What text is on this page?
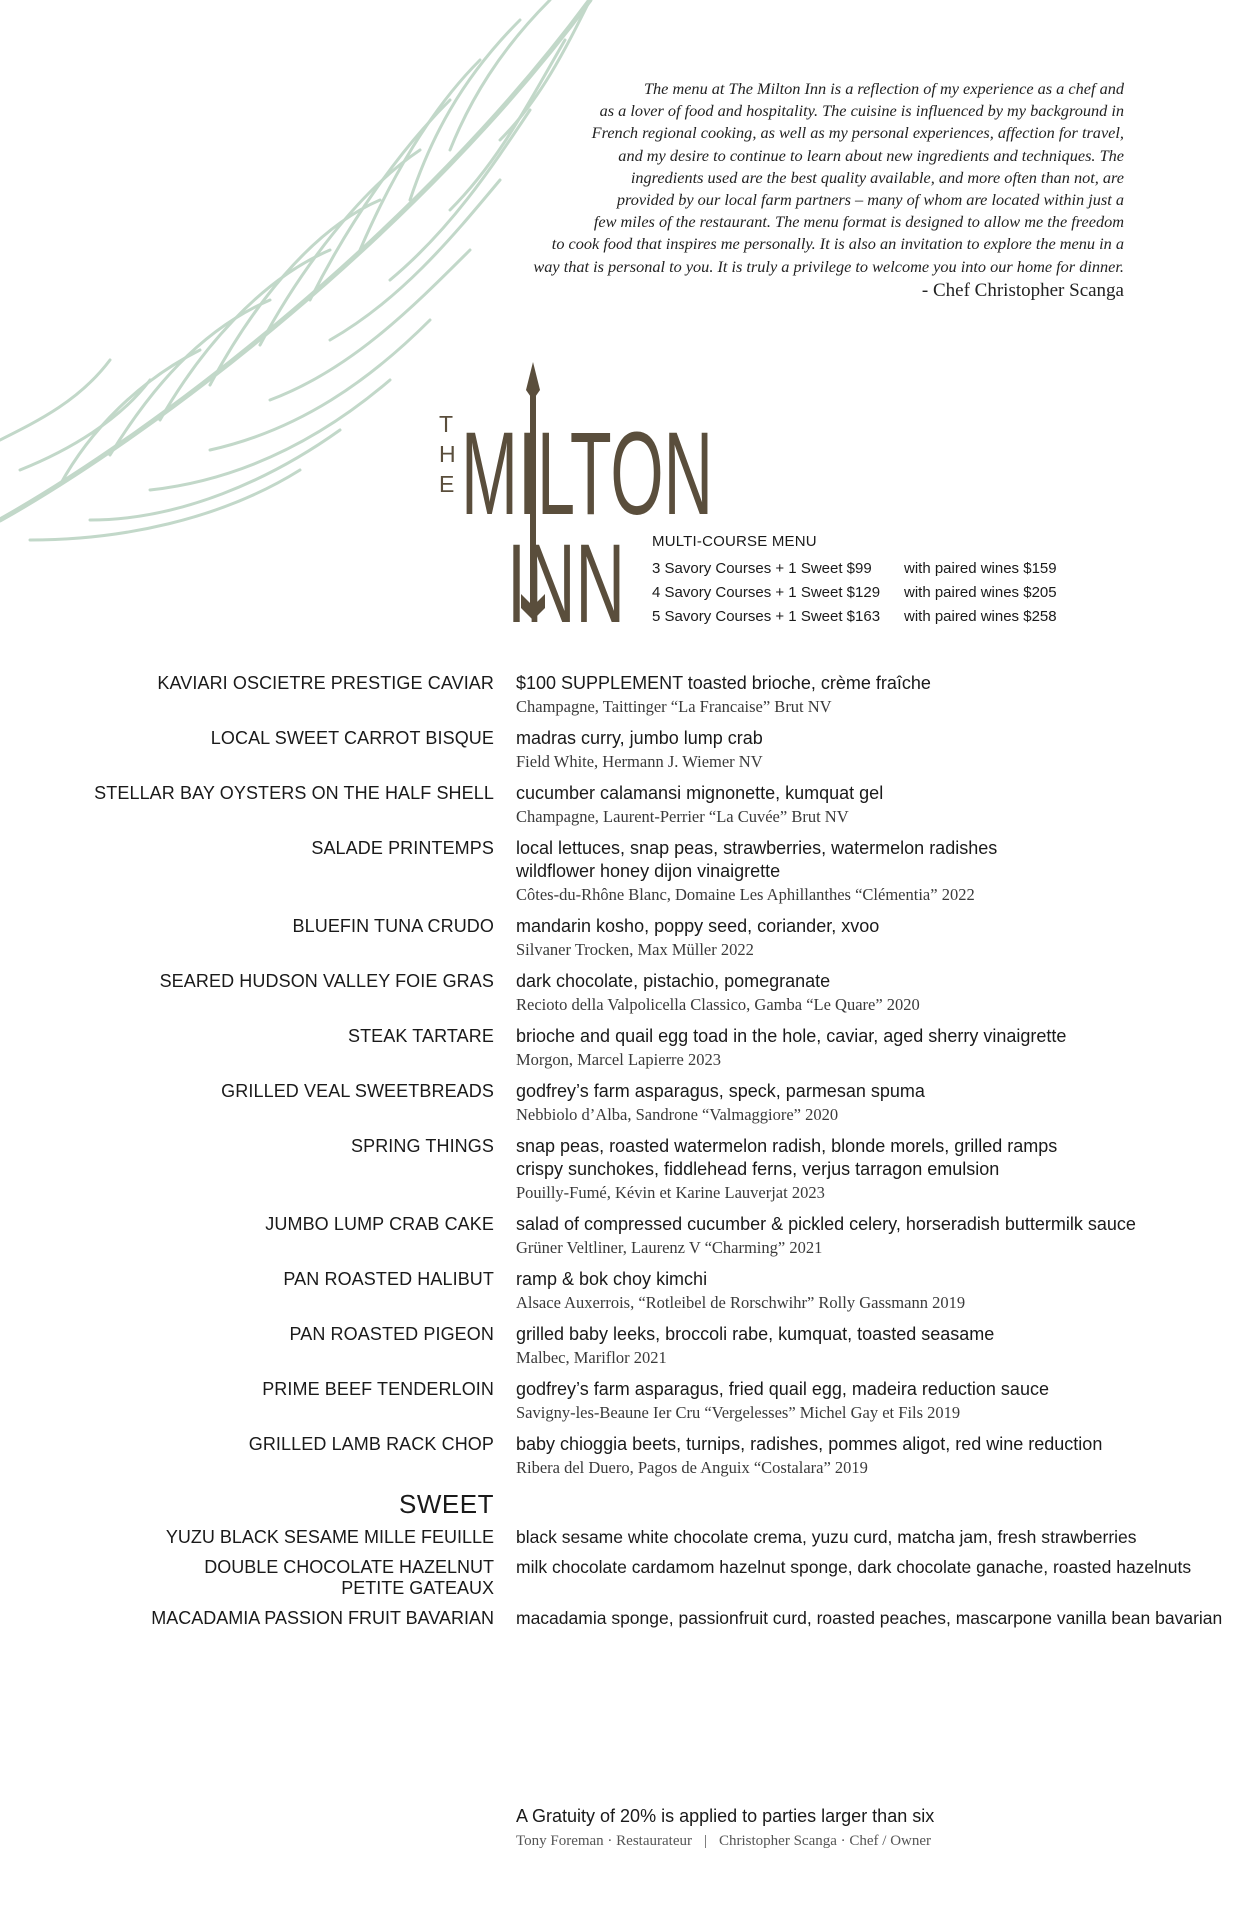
The menu at The Milton Inn is a reflection of my experience as a chef and
as a lover of food and hospitality. The cuisine is influenced by my background in
French regional cooking, as well as my personal experiences, affection for travel,
and my desire to continue to learn about new ingredients and techniques. The
ingredients used are the best quality available, and more often than not, are
provided by our local farm partners – many of whom are located within just a
few miles of the restaurant. The menu format is designed to allow me the freedom
to cook food that inspires me personally. It is also an invitation to explore the menu in a
way that is personal to you. It is truly a privilege to welcome you into our home for dinner.
- Chef Christopher Scanga
T
H
E MILTON
INN MULTI-COURSE MENU
3 Savory Courses + 1 Sweet $99	with paired wines $159
4 Savory Courses + 1 Sweet $129	with paired wines $205
5 Savory Courses + 1 Sweet $163	with paired wines $258
KAVIARI OSCIETRE PRESTIGE CAVIAR $100 SUPPLEMENT toasted brioche, crème fraîche
Champagne, Taittinger “La Francaise” Brut NV
LOCAL SWEET CARROT BISQUE madras curry, jumbo lump crab
Field White, Hermann J. Wiemer NV
STELLAR BAY OYSTERS ON THE HALF SHELL cucumber calamansi mignonette, kumquat gel
Champagne, Laurent-Perrier “La Cuvée” Brut NV
SALADE PRINTEMPS local lettuces, snap peas, strawberries, watermelon radishes
wildflower honey dijon vinaigrette
Côtes-du-Rhône Blanc, Domaine Les Aphillanthes “Clémentia” 2022
BLUEFIN TUNA CRUDO mandarin kosho, poppy seed, coriander, xvoo
Silvaner Trocken, Max Müller 2022
SEARED HUDSON VALLEY FOIE GRAS dark chocolate, pistachio, pomegranate
Recioto della Valpolicella Classico, Gamba “Le Quare” 2020
STEAK TARTARE brioche and quail egg toad in the hole, caviar, aged sherry vinaigrette
Morgon, Marcel Lapierre 2023
GRILLED VEAL SWEETBREADS godfrey’s farm asparagus, speck, parmesan spuma
Nebbiolo d’Alba, Sandrone “Valmaggiore” 2020
SPRING THINGS snap peas, roasted watermelon radish, blonde morels, grilled ramps
crispy sunchokes, fiddlehead ferns, verjus tarragon emulsion
Pouilly-Fumé, Kévin et Karine Lauverjat 2023
JUMBO LUMP CRAB CAKE salad of compressed cucumber & pickled celery, horseradish buttermilk sauce
Grüner Veltliner, Laurenz V “Charming” 2021
PAN ROASTED HALIBUT ramp & bok choy kimchi
Alsace Auxerrois, “Rotleibel de Rorschwihr” Rolly Gassmann 2019
PAN ROASTED PIGEON grilled baby leeks, broccoli rabe, kumquat, toasted seasame
Malbec, Mariflor 2021
PRIME BEEF TENDERLOIN godfrey’s farm asparagus, fried quail egg, madeira reduction sauce
Savigny-les-Beaune Ier Cru “Vergelesses” Michel Gay et Fils 2019
GRILLED LAMB RACK CHOP baby chioggia beets, turnips, radishes, pommes aligot, red wine reduction
Ribera del Duero, Pagos de Anguix “Costalara” 2019
SWEET
YUZU BLACK SESAME MILLE FEUILLE black sesame white chocolate crema, yuzu curd, matcha jam, fresh strawberries
DOUBLE CHOCOLATE HAZELNUT PETITE GATEAUX
milk chocolate cardamom hazelnut sponge, dark chocolate ganache, roasted hazelnuts
MACADAMIA PASSION FRUIT BAVARIAN macadamia sponge, passionfruit curd, roasted peaches, mascarpone vanilla bean bavarian
A Gratuity of 20% is applied to parties larger than six
Tony Foreman · Restaurateur | Christopher Scanga · Chef / Owner
